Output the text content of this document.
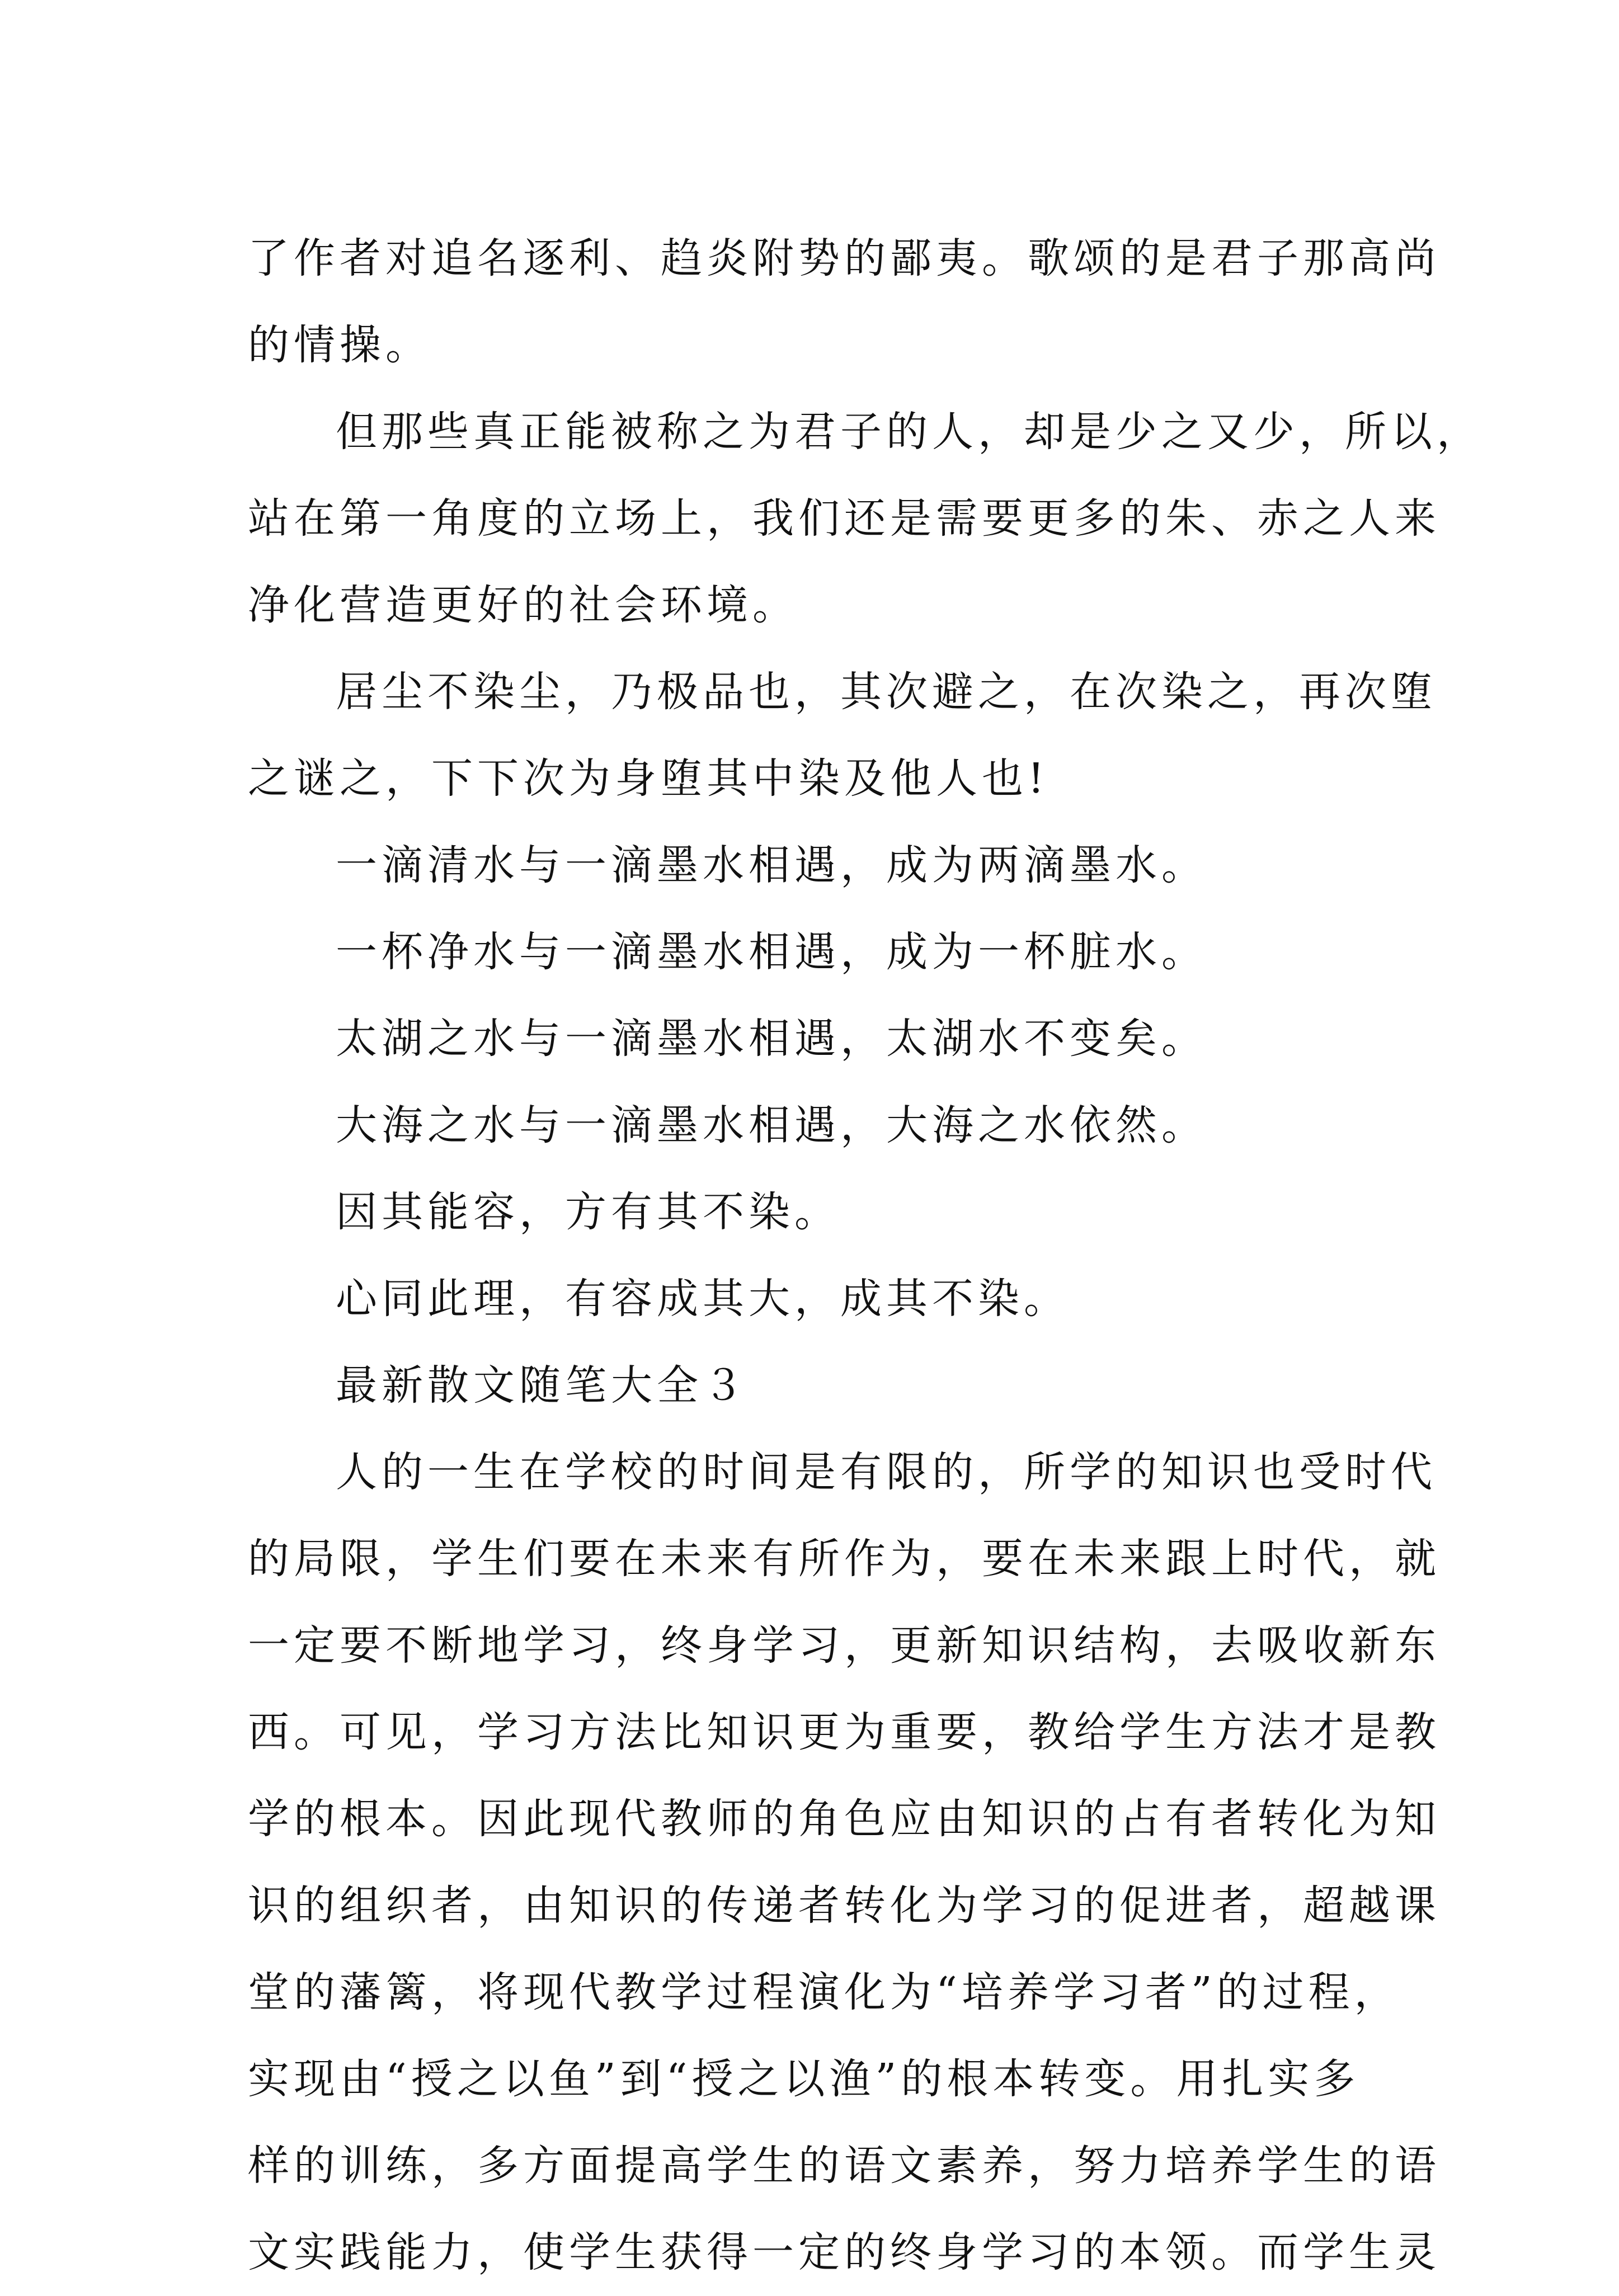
了作者对追名逐利、趋炎附势的鄙夷。歌颂的是君子那高尚
的情操。
但那些真正能被称之为君子的人，却是少之又少，所以，
站在第一角度的立场上，我们还是需要更多的朱、赤之人来
净化营造更好的社会环境。
居尘不染尘，乃极品也，其次避之，在次染之，再次堕
之谜之，下下次为身堕其中染及他人也!
一滴清水与一滴墨水相遇，成为两滴墨水。
一杯净水与一滴墨水相遇，成为一杯脏水。
太湖之水与一滴墨水相遇，太湖水不变矣。
大海之水与一滴墨水相遇，大海之水依然。
因其能容，方有其不染。
心同此理，有容成其大，成其不染。
最新散文随笔大全３
人的一生在学校的时间是有限的，所学的知识也受时代
的局限，学生们要在未来有所作为，要在未来跟上时代，就
一定要不断地学习，终身学习，更新知识结构，去吸收新东
西。可见，学习方法比知识更为重要，教给学生方法才是教
学的根本。因此现代教师的角色应由知识的占有者转化为知
识的组织者，由知识的传递者转化为学习的促进者，超越课
堂的藩篱，将现代教学过程演化为“培养学习者”的过程，
实现由“授之以鱼”到“授之以渔”的根本转变。用扎实多
样的训练，多方面提高学生的语文素养，努力培养学生的语
文实践能力，使学生获得一定的终身学习的本领。而学生灵
